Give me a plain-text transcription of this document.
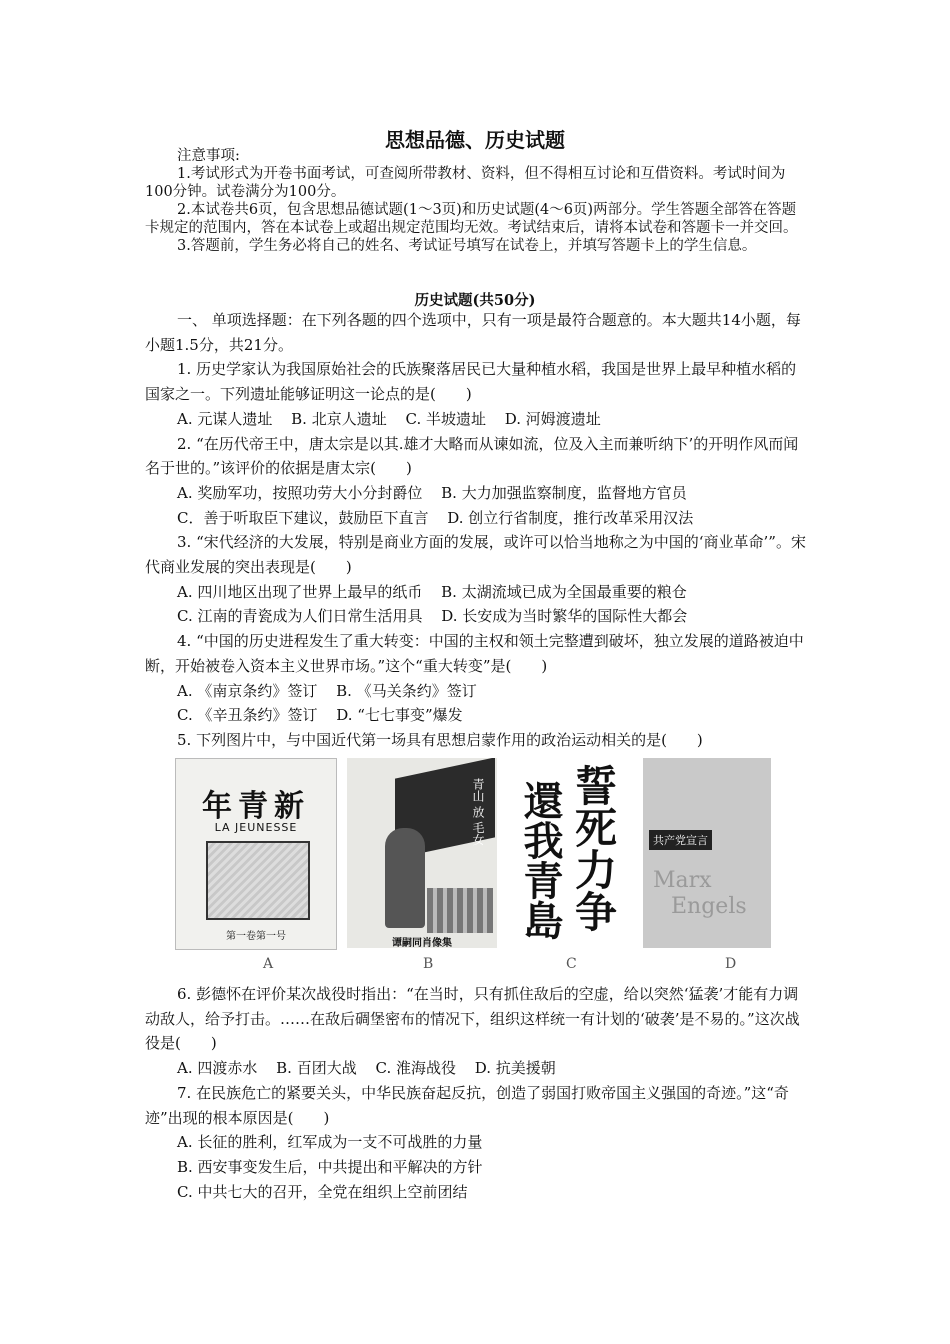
思想品德、历史试题

注意事项:

1.考试形式为开卷书面考试，可查阅所带教材、资料，但不得相互讨论和互借资料。考试时间为100分钟。试卷满分为100分。

2.本试卷共6页，包含思想品德试题(1～3页)和历史试题(4～6页)两部分。学生答题全部答在答题卡规定的范围内，答在本试卷上或超出规定范围均无效。考试结束后，请将本试卷和答题卡一并交回。

3.答题前，学生务必将自己的姓名、考试证号填写在试卷上，并填写答题卡上的学生信息。

历史试题(共50分)

一、 单项选择题：在下列各题的四个选项中，只有一项是最符合题意的。本大题共14小题，每小题1.5分，共21分。

1. 历史学家认为我国原始社会的氏族聚落居民已大量种植水稻，我国是世界上最早种植水稻的国家之一。下列遗址能够证明这一论点的是(　　)

A. 元谋人遗址 B. 北京人遗址 C. 半坡遗址 D. 河姆渡遗址

2. “在历代帝王中，唐太宗是以其.雄才大略而从谏如流，位及入主而兼听纳下’的开明作风而闻名于世的。”该评价的依据是唐太宗(　　)

A. 奖励军功，按照功劳大小分封爵位 B. 大力加强监察制度，监督地方官员
C．善于听取臣下建议，鼓励臣下直言 D. 创立行省制度，推行改革采用汉法

3. “宋代经济的大发展，特别是商业方面的发展，或许可以恰当地称之为中国的‘商业革命’”。宋代商业发展的突出表现是(　　)

A. 四川地区出现了世界上最早的纸币 B. 太湖流域已成为全国最重要的粮仓
C. 江南的青瓷成为人们日常生活用具 D. 长安成为当时繁华的国际性大都会

4. “中国的历史进程发生了重大转变：中国的主权和领土完整遭到破坏，独立发展的道路被迫中断，开始被卷入资本主义世界市场。”这个“重大转变”是(　　)

A. 《南京条约》签订 B. 《马关条约》签订
C. 《辛丑条约》签订 D. “七七事变”爆发

5. 下列图片中，与中国近代第一场具有思想启蒙作用的政治运动相关的是(　　)

年青新
LA JEUNESSE
第一卷第一号
青山 放 毛女
谭嗣同肖像集
誓死力争
還我青島	共产党宣言
Marx
Engels
A	B	C	D

6. 彭德怀在评价某次战役时指出：“在当时，只有抓住敌后的空虚，给以突然‘猛袭’才能有力调动敌人，给予打击。……在敌后碉堡密布的情况下，组织这样统一有计划的‘破袭’是不易的。”这次战役是(　　)

A. 四渡赤水 B. 百团大战 C. 淮海战役 D. 抗美援朝

7. 在民族危亡的紧要关头，中华民族奋起反抗，创造了弱国打败帝国主义强国的奇迹。”这“奇迹”出现的根本原因是(　　)

A. 长征的胜利，红军成为一支不可战胜的力量
B. 西安事变发生后，中共提出和平解决的方针
C. 中共七大的召开，全党在组织上空前团结
